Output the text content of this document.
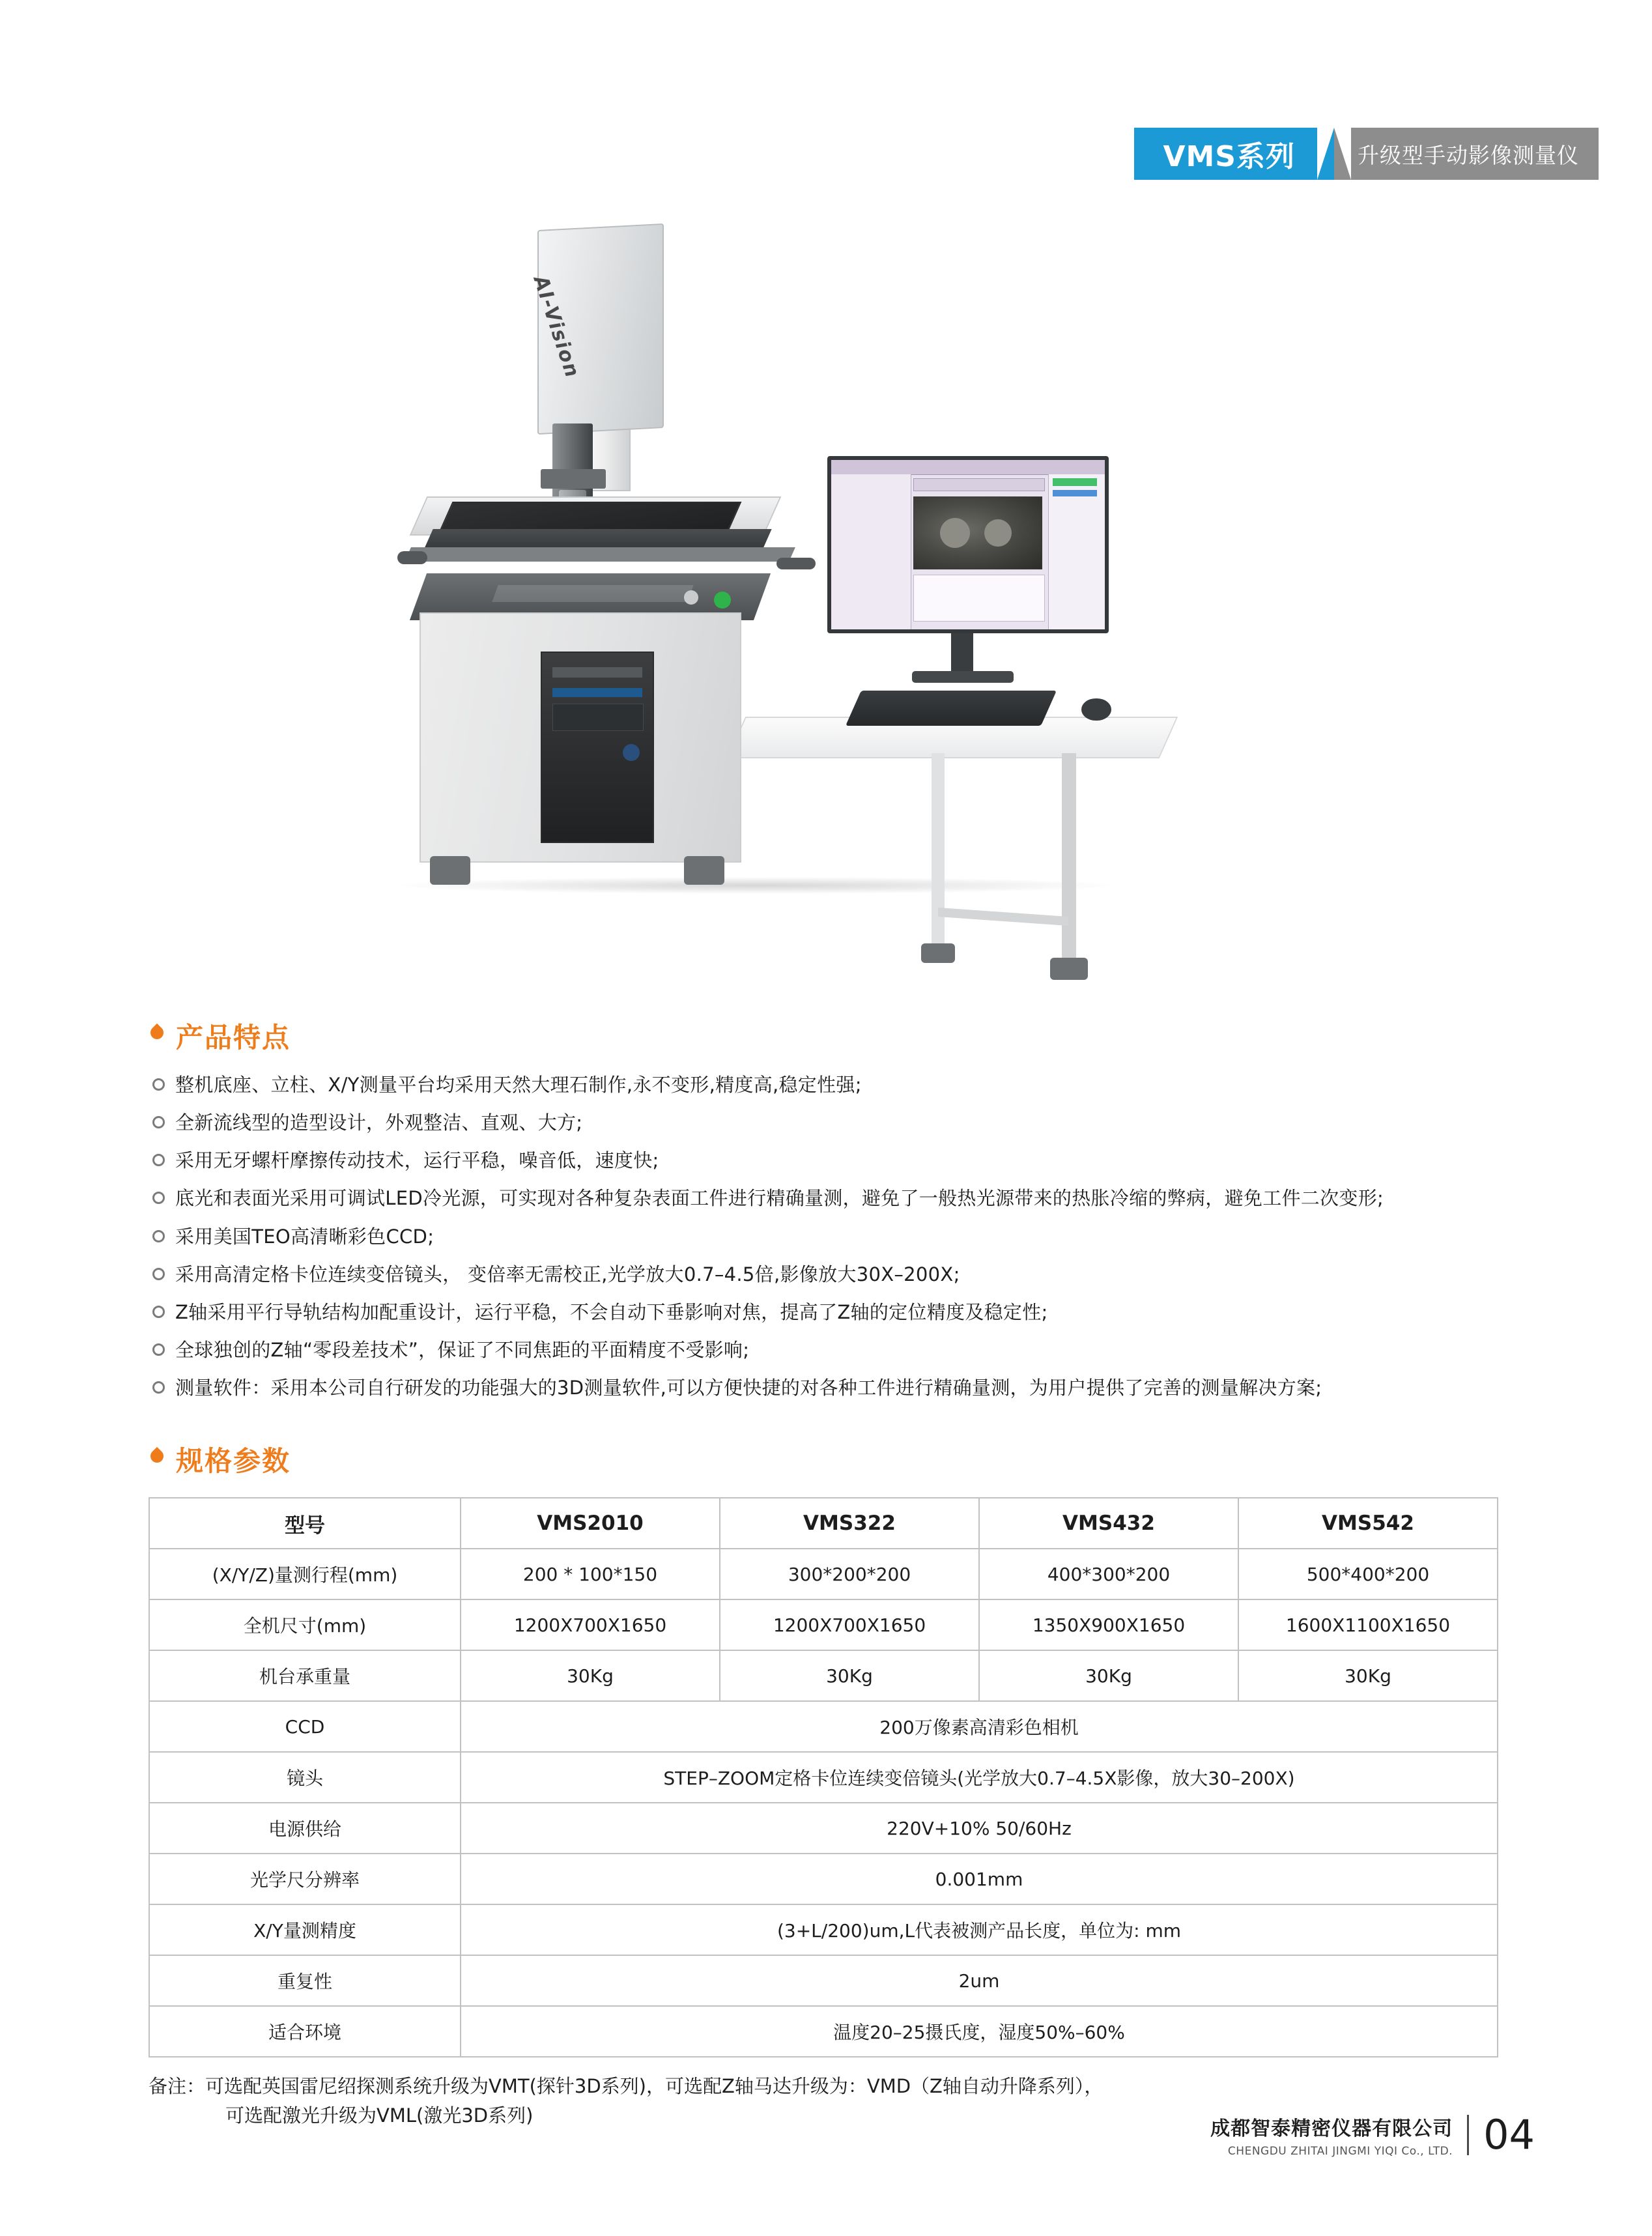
VMS系列	升级型手动影像测量仪
AI-Vision
产品特点
整机底座、立柱、X/Y测量平台均采用天然大理石制作,永不变形,精度高,稳定性强;
全新流线型的造型设计，外观整洁、直观、大方;
采用无牙螺杆摩擦传动技术，运行平稳，噪音低，速度快;
底光和表面光采用可调试LED冷光源，可实现对各种复杂表面工件进行精确量测，避免了一般热光源带来的热胀冷缩的弊病，避免工件二次变形;
采用美国TEO高清晰彩色CCD;
采用高清定格卡位连续变倍镜头， 变倍率无需校正,光学放大0.7–4.5倍,影像放大30X–200X;
Z轴采用平行导轨结构加配重设计，运行平稳，不会自动下垂影响对焦，提高了Z轴的定位精度及稳定性;
全球独创的Z轴“零段差技术”，保证了不同焦距的平面精度不受影响;
测量软件：采用本公司自行研发的功能强大的3D测量软件,可以方便快捷的对各种工件进行精确量测，为用户提供了完善的测量解决方案;
规格参数
型号	VMS2010	VMS322	VMS432	VMS542
(X/Y/Z)量测行程(mm)	200 * 100*150	300*200*200	400*300*200	500*400*200
全机尺寸(mm)	1200X700X1650	1200X700X1650	1350X900X1650	1600X1100X1650
机台承重量	30Kg	30Kg	30Kg	30Kg
CCD	200万像素高清彩色相机			
镜头	STEP–ZOOM定格卡位连续变倍镜头(光学放大0.7–4.5X影像，放大30–200X)			
电源供给	220V+10% 50/60Hz			
光学尺分辨率	0.001mm			
X/Y量测精度	(3+L/200)um,L代表被测产品长度，单位为: mm			
重复性	2um			
适合环境	温度20–25摄氏度，湿度50%–60%			
备注：可选配英国雷尼绍探测系统升级为VMT(探针3D系列)，可选配Z轴马达升级为：VMD（Z轴自动升降系列），
可选配激光升级为VML(激光3D系列)
成都智泰精密仪器有限公司
CHENGDU ZHITAI JINGMI YIQI Co., LTD. 04
